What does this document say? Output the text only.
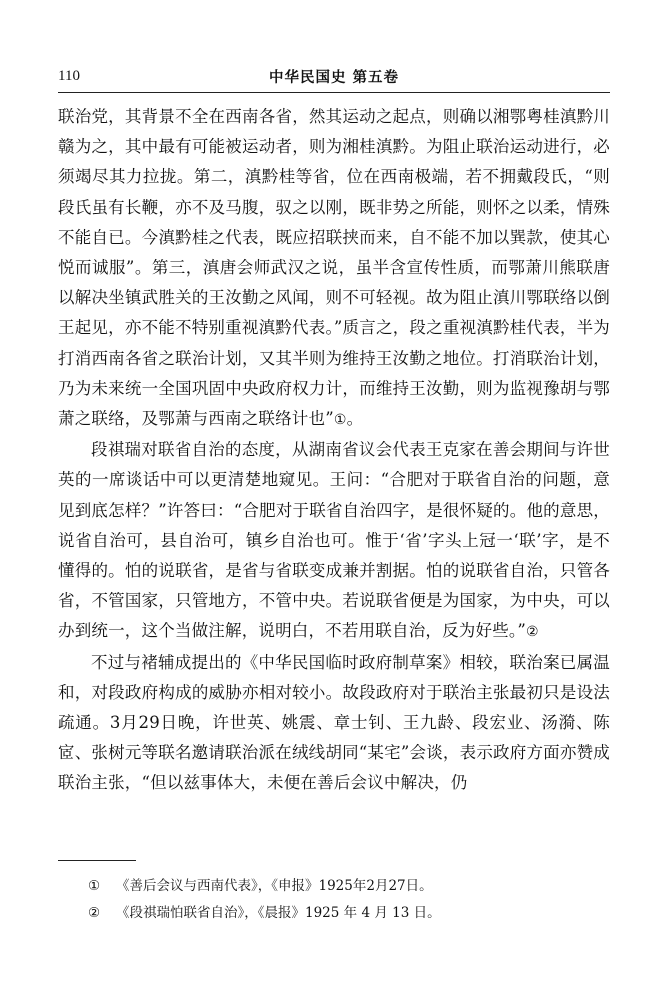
110	中华民国史 第五卷

联治党，其背景不全在西南各省，然其运动之起点，则确以湘鄂粤桂滇黔川赣为之，其中最有可能被运动者，则为湘桂滇黔。为阻止联治运动进行，必须竭尽其力拉拢。第二，滇黔桂等省，位在西南极端，若不拥戴段氏，“则段氏虽有长鞭，亦不及马腹，驭之以刚，既非势之所能，则怀之以柔，情殊不能自已。今滇黔桂之代表，既应招联挟而来，自不能不加以巽款，使其心悦而诚服”。第三，滇唐会师武汉之说，虽半含宣传性质，而鄂萧川熊联唐以解决坐镇武胜关的王汝勤之风闻，则不可轻视。故为阻止滇川鄂联络以倒王起见，亦不能不特别重视滇黔代表。”质言之，段之重视滇黔桂代表，半为打消西南各省之联治计划，又其半则为维持王汝勤之地位。打消联治计划，乃为未来统一全国巩固中央政府权力计，而维持王汝勤，则为监视豫胡与鄂萧之联络，及鄂萧与西南之联络计也”①。

段祺瑞对联省自治的态度，从湖南省议会代表王克家在善会期间与许世英的一席谈话中可以更清楚地窥见。王问：“合肥对于联省自治的问题，意见到底怎样？”许答曰：“合肥对于联省自治四字，是很怀疑的。他的意思，说省自治可，县自治可，镇乡自治也可。惟于‘省’字头上冠一‘联’字，是不懂得的。怕的说联省，是省与省联变成兼并割据。怕的说联省自治，只管各省，不管国家，只管地方，不管中央。若说联省便是为国家，为中央，可以办到统一，这个当做注解，说明白，不若用联自治，反为好些。”②

不过与褚辅成提出的《中华民国临时政府制草案》相较，联治案已属温和，对段政府构成的威胁亦相对较小。故段政府对于联治主张最初只是设法疏通。3月29日晚，许世英、姚震、章士钊、王九龄、段宏业、汤漪、陈宧、张树元等联名邀请联治派在绒线胡同“某宅”会谈，表示政府方面亦赞成联治主张，“但以兹事体大，未便在善后会议中解决，仍

①	《善后会议与西南代表》，《申报》1925年2月27日。
②	《段祺瑞怕联省自治》，《晨报》1925 年 4 月 13 日。
